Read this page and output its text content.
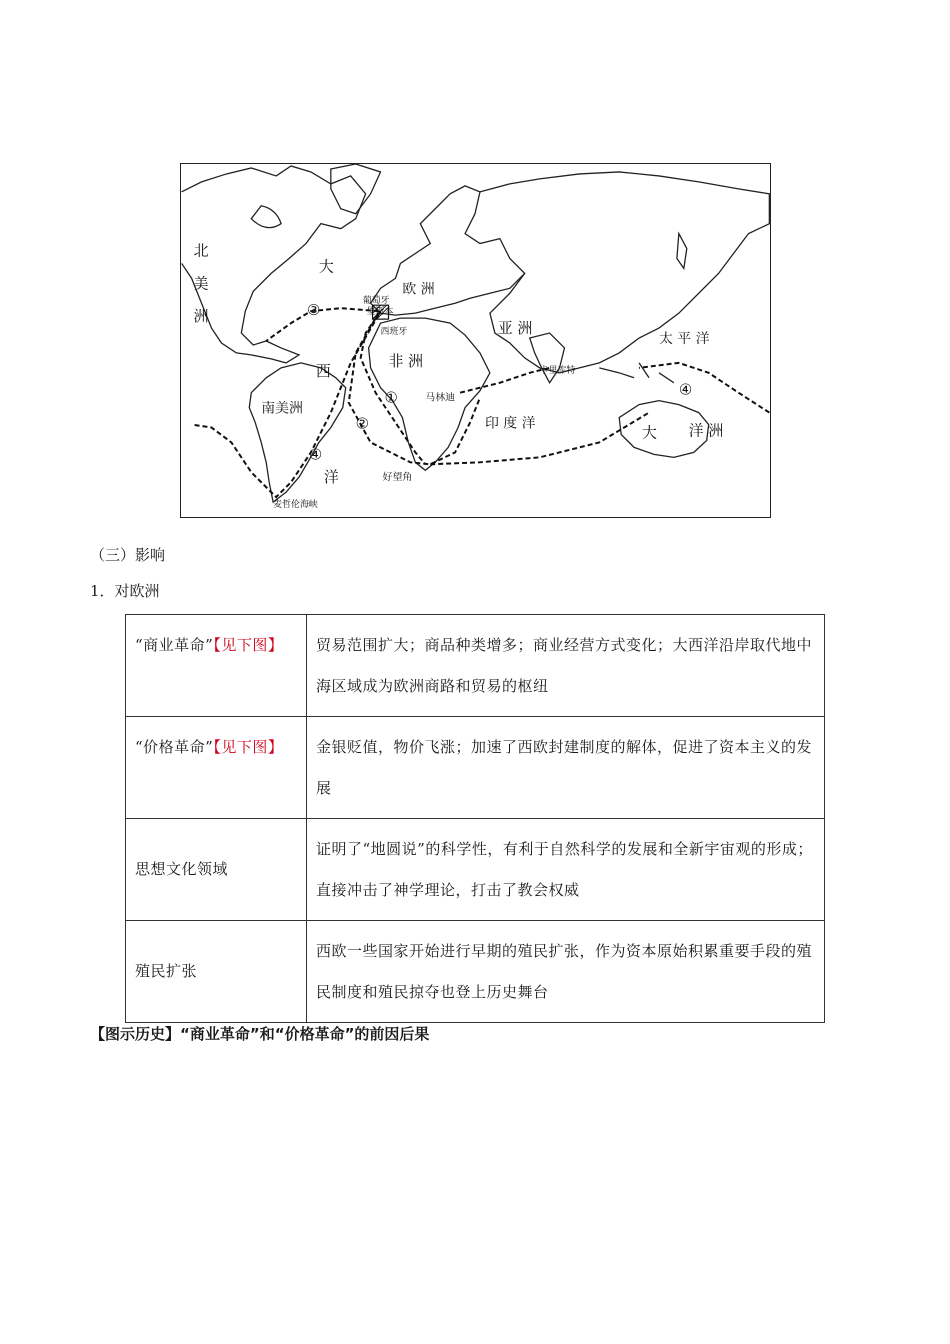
北
美
洲
大
西
洋
欧 洲
葡萄牙
里斯本
西班牙	亚 洲
非 洲
太 平 洋
南美洲
卡里库特
马林迪
印 度 洋	大 洋 洲
好望角
麦哲伦海峡
③
①
②
④
④
（三）影响
1．对欧洲
“商业革命”【见下图】	贸易范围扩大；商品种类增多；商业经营方式变化；大西洋沿岸取代地中海区域成为欧洲商路和贸易的枢纽
“价格革命”【见下图】	金银贬值，物价飞涨；加速了西欧封建制度的解体，促进了资本主义的发展
思想文化领域	证明了“地圆说”的科学性，有利于自然科学的发展和全新宇宙观的形成；直接冲击了神学理论，打击了教会权威
殖民扩张	西欧一些国家开始进行早期的殖民扩张，作为资本原始积累重要手段的殖民制度和殖民掠夺也登上历史舞台
【图示历史】“商业革命”和“价格革命”的前因后果
